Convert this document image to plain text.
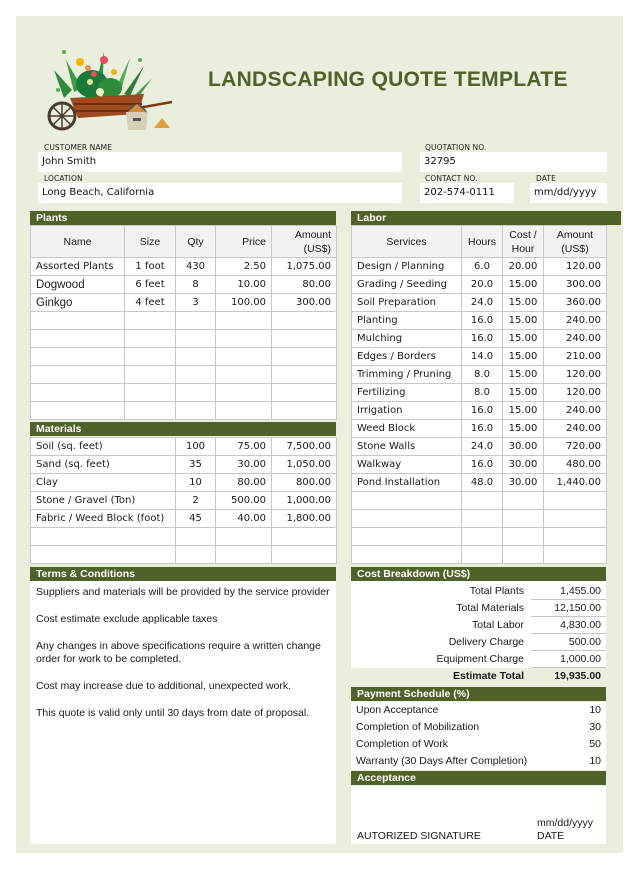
LANDSCAPING QUOTE TEMPLATE
CUSTOMER NAME
John Smith
LOCATION
Long Beach, California
QUOTATION NO.
32795
CONTACT NO.
202-574-0111
DATE
mm/dd/yyyy
Plants
Name	Size	Qty	Price	Amount (US$)
Assorted Plants	1 foot	430	2.50	1,075.00
Dogwood	6 feet	8	10.00	80.00
Ginkgo	4 feet	3	100.00	300.00

Materials
Soil (sq. feet)	100	75.00	7,500.00
Sand (sq. feet)	35	30.00	1,050.00
Clay	10	80.00	800.00
Stone / Gravel (Ton)	2	500.00	1,000.00
Fabric / Weed Block (foot)	45	40.00	1,800.00

Terms & Conditions

Suppliers and materials will be provided by the service provider

Cost estimate exclude applicable taxes

Any changes in above specifications require a written change order for work to be completed.

Cost may increase due to additional, unexpected work.

This quote is valid only until 30 days from date of proposal.

Labor
Services	Hours	Cost / Hour	Amount (US$)
Design / Planning	6.0	20.00	120.00
Grading / Seeding	20.0	15.00	300.00
Soil Preparation	24.0	15.00	360.00
Planting	16.0	15.00	240.00
Mulching	16.0	15.00	240.00
Edges / Borders	14.0	15.00	210.00
Trimming / Pruning	8.0	15.00	120.00
Fertilizing	8.0	15.00	120.00
Irrigation	16.0	15.00	240.00
Weed Block	16.0	15.00	240.00
Stone Walls	24.0	30.00	720.00
Walkway	16.0	30.00	480.00
Pond Installation	48.0	30.00	1,440.00

Cost Breakdown (US$)
Total Plants	1,455.00
Total Materials	12,150.00
Total Labor	4,830.00
Delivery Charge	500.00
Equipment Charge	1,000.00
Estimate Total	19,935.00
Payment Schedule (%)
Upon Acceptance	10
Completion of Mobilization	30
Completion of Work	50
Warranty (30 Days After Completion)	10
Acceptance
AUTORIZED SIGNATURE
mm/dd/yyyy
DATE
